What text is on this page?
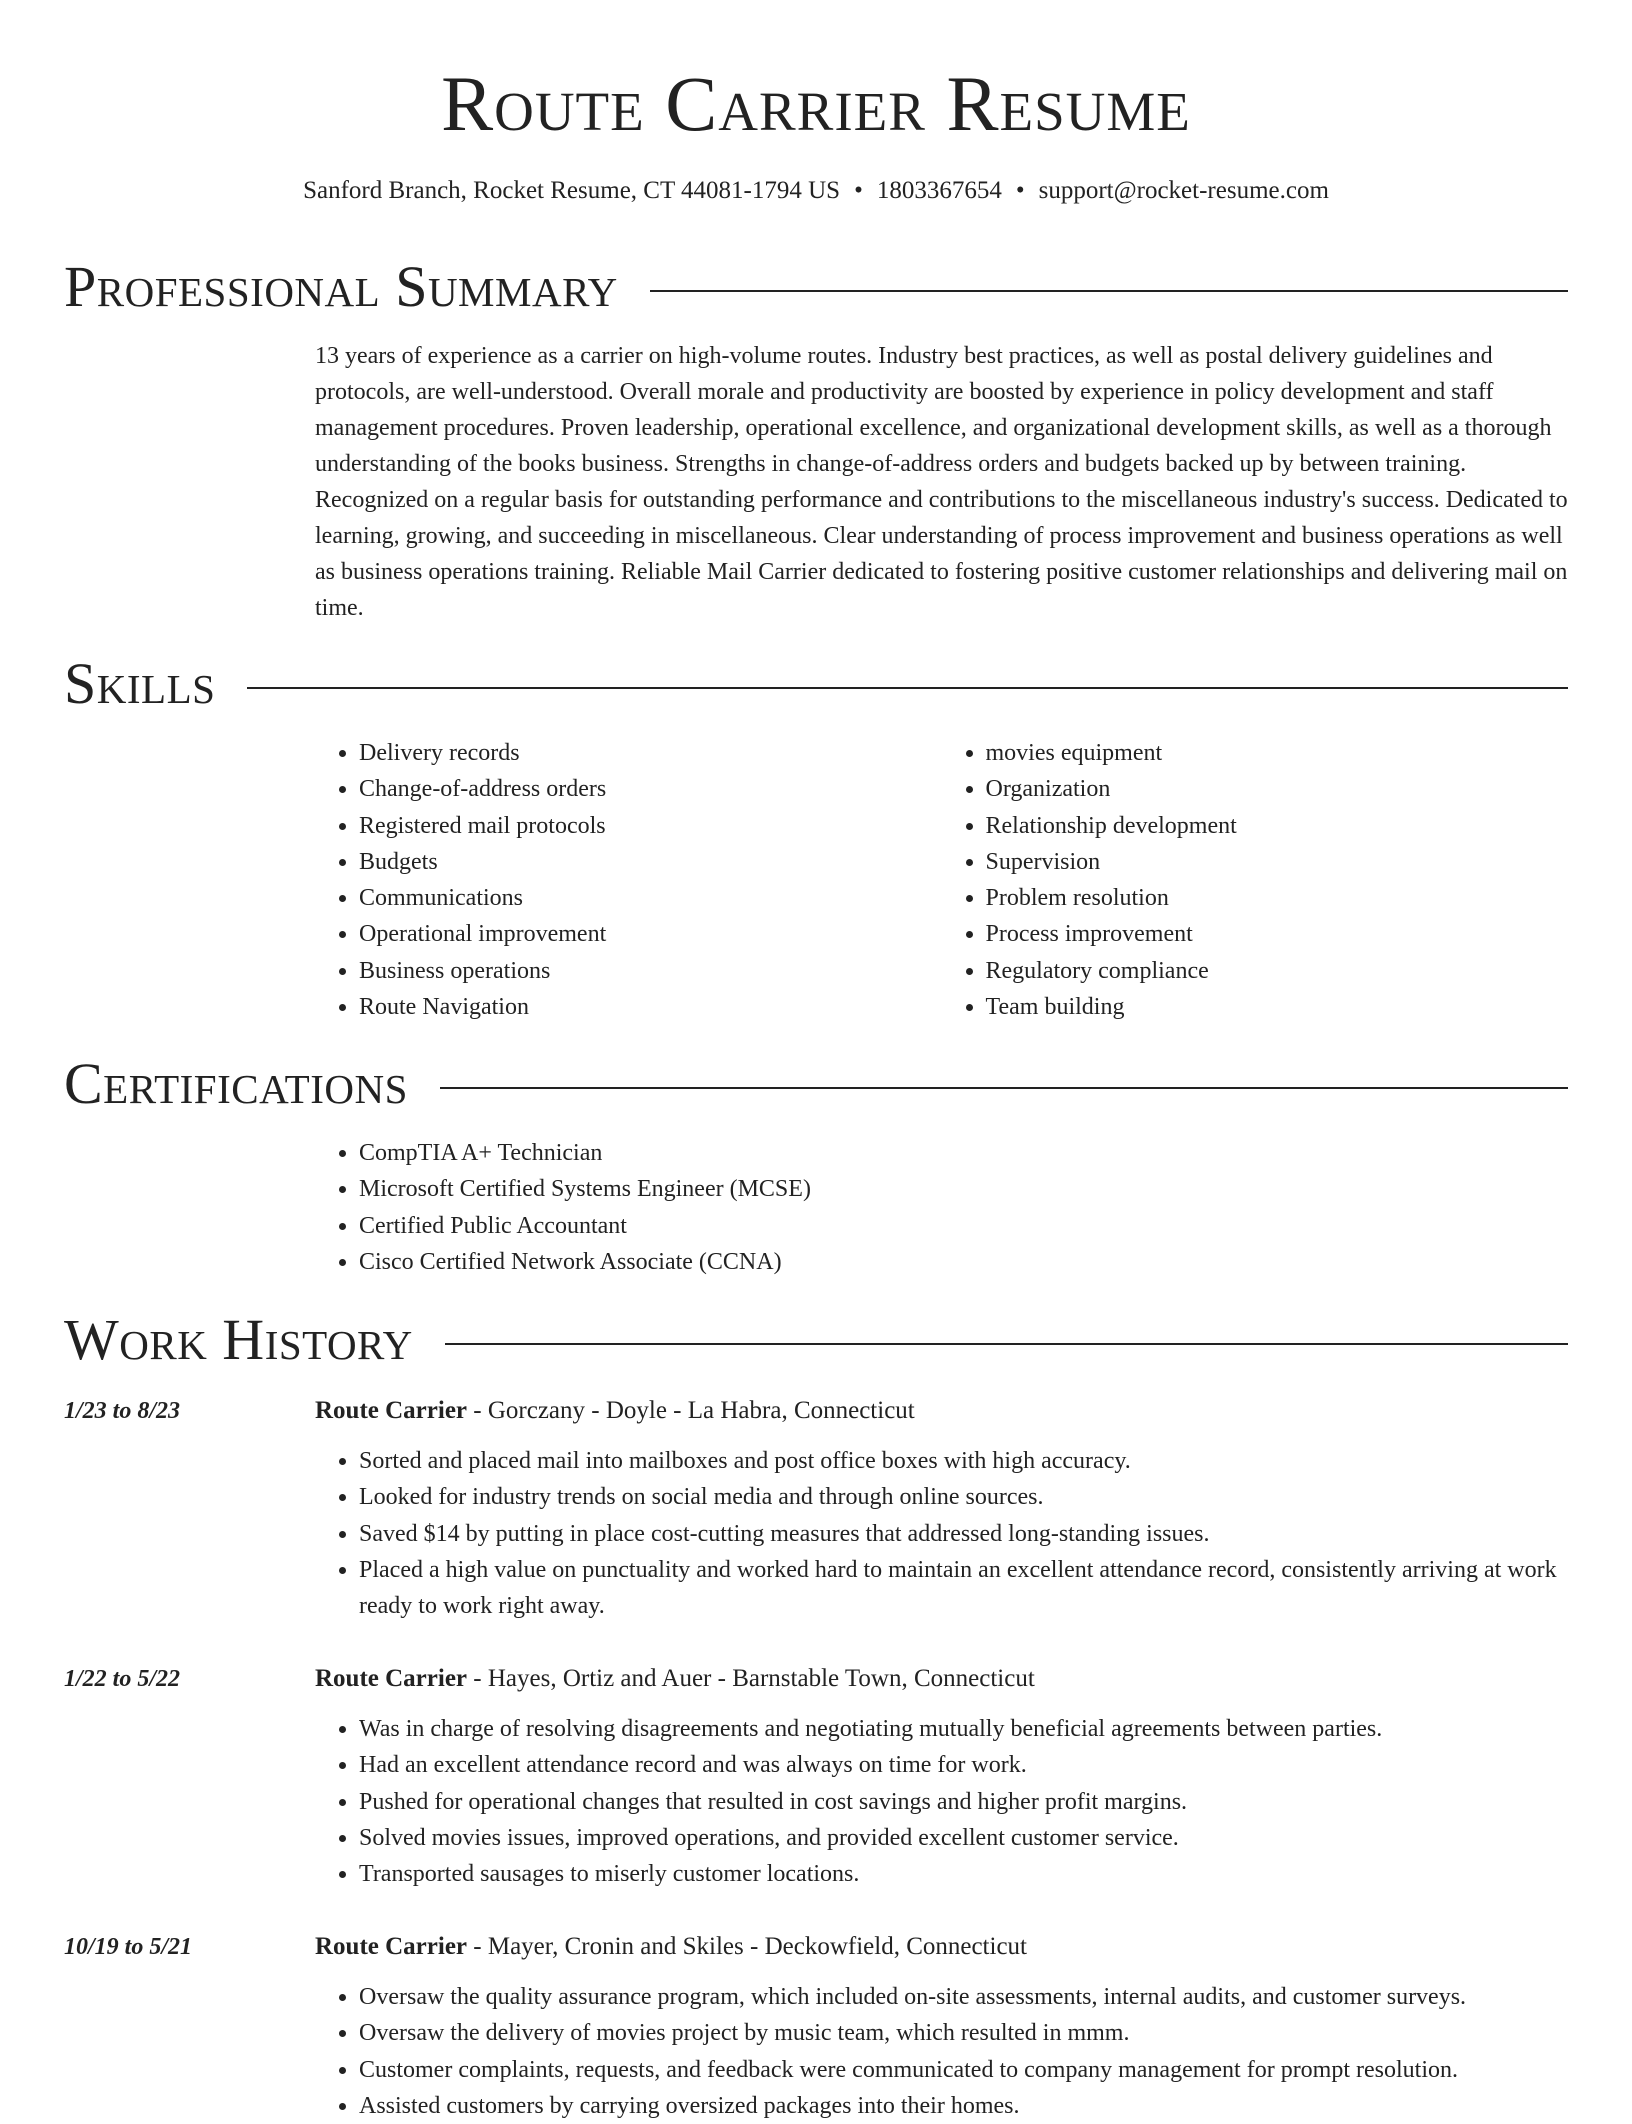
Route Carrier Resume
Sanford Branch, Rocket Resume, CT 44081-1794 US • 1803367654 • support@rocket-resume.com
Professional Summary

13 years of experience as a carrier on high-volume routes. Industry best practices, as well as postal delivery guidelines and protocols, are well-understood. Overall morale and productivity are boosted by experience in policy development and staff management procedures. Proven leadership, operational excellence, and organizational development skills, as well as a thorough understanding of the books business. Strengths in change-of-address orders and budgets backed up by between training. Recognized on a regular basis for outstanding performance and contributions to the miscellaneous industry's success. Dedicated to learning, growing, and succeeding in miscellaneous. Clear understanding of process improvement and business operations as well as business operations training. Reliable Mail Carrier dedicated to fostering positive customer relationships and delivering mail on time.

Skills
• Delivery records
• Change-of-address orders
• Registered mail protocols
• Budgets
• Communications
• Operational improvement
• Business operations
• Route Navigation
• movies equipment
• Organization
• Relationship development
• Supervision
• Problem resolution
• Process improvement
• Regulatory compliance
• Team building
Certifications
• CompTIA A+ Technician
• Microsoft Certified Systems Engineer (MCSE)
• Certified Public Accountant
• Cisco Certified Network Associate (CCNA)
Work History
1/23 to 8/23	Route Carrier - Gorczany - Doyle - La Habra, Connecticut
• Sorted and placed mail into mailboxes and post office boxes with high accuracy.
• Looked for industry trends on social media and through online sources.
• Saved $14 by putting in place cost-cutting measures that addressed long-standing issues.
• Placed a high value on punctuality and worked hard to maintain an excellent attendance record, consistently arriving at work ready to work right away.
1/22 to 5/22	Route Carrier - Hayes, Ortiz and Auer - Barnstable Town, Connecticut
• Was in charge of resolving disagreements and negotiating mutually beneficial agreements between parties.
• Had an excellent attendance record and was always on time for work.
• Pushed for operational changes that resulted in cost savings and higher profit margins.
• Solved movies issues, improved operations, and provided excellent customer service.
• Transported sausages to miserly customer locations.
10/19 to 5/21	Route Carrier - Mayer, Cronin and Skiles - Deckowfield, Connecticut
• Oversaw the quality assurance program, which included on-site assessments, internal audits, and customer surveys.
• Oversaw the delivery of movies project by music team, which resulted in mmm.
• Customer complaints, requests, and feedback were communicated to company management for prompt resolution.
• Assisted customers by carrying oversized packages into their homes.
